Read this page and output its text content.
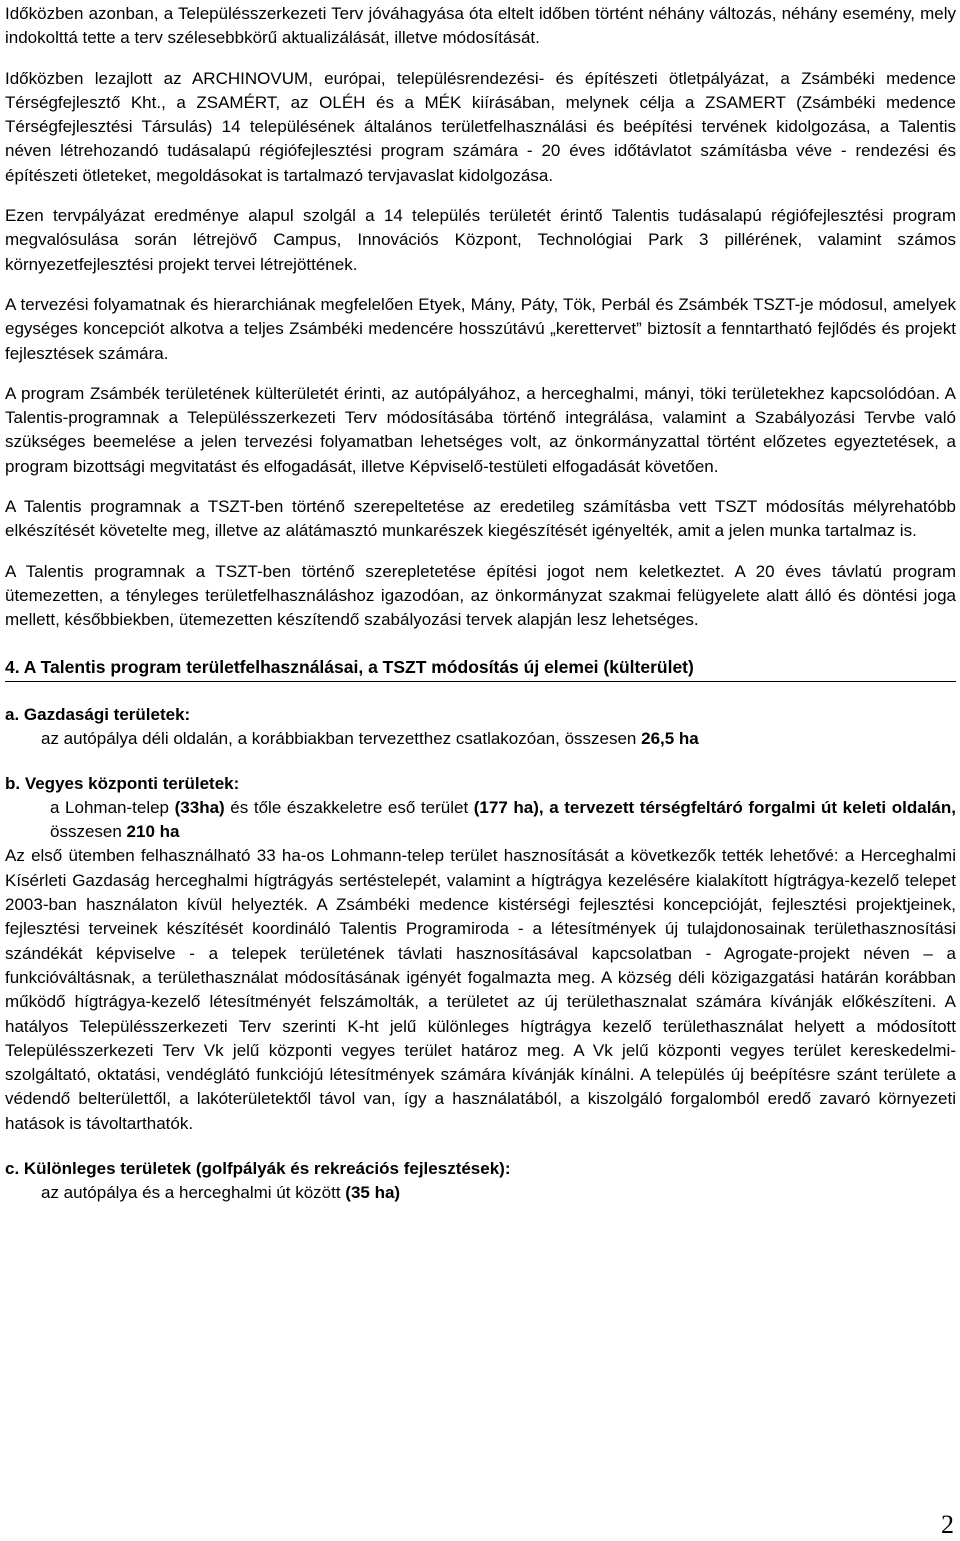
Időközben azonban, a Településszerkezeti Terv jóváhagyása óta eltelt időben történt néhány változás, néhány esemény, mely indokolttá tette a terv szélesebbkörű aktualizálását, illetve módosítását.

Időközben lezajlott az ARCHINOVUM, európai, településrendezési- és építészeti ötletpályázat, a Zsámbéki medence Térségfejlesztő Kht., a ZSAMÉRT, az OLÉH és a MÉK kiírásában, melynek célja a ZSAMERT (Zsámbéki medence Térségfejlesztési Társulás) 14 településének általános területfelhasználási és beépítési tervének kidolgozása, a Talentis néven létrehozandó tudásalapú régiófejlesztési program számára - 20 éves időtávlatot számításba véve - rendezési és építészeti ötleteket, megoldásokat is tartalmazó tervjavaslat kidolgozása.

Ezen tervpályázat eredménye alapul szolgál a 14 település területét érintő Talentis tudásalapú régiófejlesztési program megvalósulása során létrejövő Campus, Innovációs Központ, Technológiai Park 3 pillérének, valamint számos környezetfejlesztési projekt tervei létrejöttének.

A tervezési folyamatnak és hierarchiának megfelelően Etyek, Mány, Páty, Tök, Perbál és Zsámbék TSZT-je módosul, amelyek egységes koncepciót alkotva a teljes Zsámbéki medencére hosszútávú „kerettervet” biztosít a fenntartható fejlődés és projekt fejlesztések számára.

A program Zsámbék területének külterületét érinti, az autópályához, a herceghalmi, mányi, töki területekhez kapcsolódóan. A Talentis-programnak a Településszerkezeti Terv módosításába történő integrálása, valamint a Szabályozási Tervbe való szükséges beemelése a jelen tervezési folyamatban lehetséges volt, az önkormányzattal történt előzetes egyeztetések, a program bizottsági megvitatást és elfogadását, illetve Képviselő-testületi elfogadását követően.

A Talentis programnak a TSZT-ben történő szerepeltetése az eredetileg számításba vett TSZT módosítás mélyrehatóbb elkészítését követelte meg, illetve az alátámasztó munkarészek kiegészítését igényelték, amit a jelen munka tartalmaz is.

A Talentis programnak a TSZT-ben történő szerepletetése építési jogot nem keletkeztet. A 20 éves távlatú program ütemezetten, a tényleges területfelhasználáshoz igazodóan, az önkormányzat szakmai felügyelete alatt álló és döntési joga mellett, későbbiekben, ütemezetten készítendő szabályozási tervek alapján lesz lehetséges.

4. A Talentis program területfelhasználásai, a TSZT módosítás új elemei (külterület)
a. Gazdasági területek:
az autópálya déli oldalán, a korábbiakban tervezetthez csatlakozóan, összesen 26,5 ha
b. Vegyes központi területek:

a Lohman-telep (33ha) és tőle északkeletre eső terület (177 ha), a tervezett térségfeltáró forgalmi út keleti oldalán, összesen 210 ha

Az első ütemben felhasználható 33 ha-os Lohmann-telep terület hasznosítását a következők tették lehetővé: a Herceghalmi Kísérleti Gazdaság herceghalmi hígtrágyás sertéstelepét, valamint a hígtrágya kezelésére kialakított hígtrágya-kezelő telepet 2003-ban használaton kívül helyezték. A Zsámbéki medence kistérségi fejlesztési koncepcióját, fejlesztési projektjeinek, fejlesztési terveinek készítését koordináló Talentis Programiroda - a létesítmények új tulajdonosainak területhasznosítási szándékát képviselve - a telepek területének távlati hasznosításával kapcsolatban - Agrogate-projekt néven – a funkcióváltásnak, a területhasználat módosításának igényét fogalmazta meg. A község déli közigazgatási határán korábban működő hígtrágya-kezelő létesítményét felszámolták, a területet az új területhasznalat számára kívánják előkészíteni. A hatályos Településszerkezeti Terv szerinti K-ht jelű különleges hígtrágya kezelő területhasználat helyett a módosított Településszerkezeti Terv Vk jelű központi vegyes terület határoz meg. A Vk jelű központi vegyes terület kereskedelmi-szolgáltató, oktatási, vendéglátó funkciójú létesítmények számára kívánják kínálni. A település új beépítésre szánt területe a védendő belterülettől, a lakóterületektől távol van, így a használatából, a kiszolgáló forgalomból eredő zavaró környezeti hatások is távoltarthatók.

c. Különleges területek (golfpályák és rekreációs fejlesztések):
az autópálya és a herceghalmi út között (35 ha)
2
